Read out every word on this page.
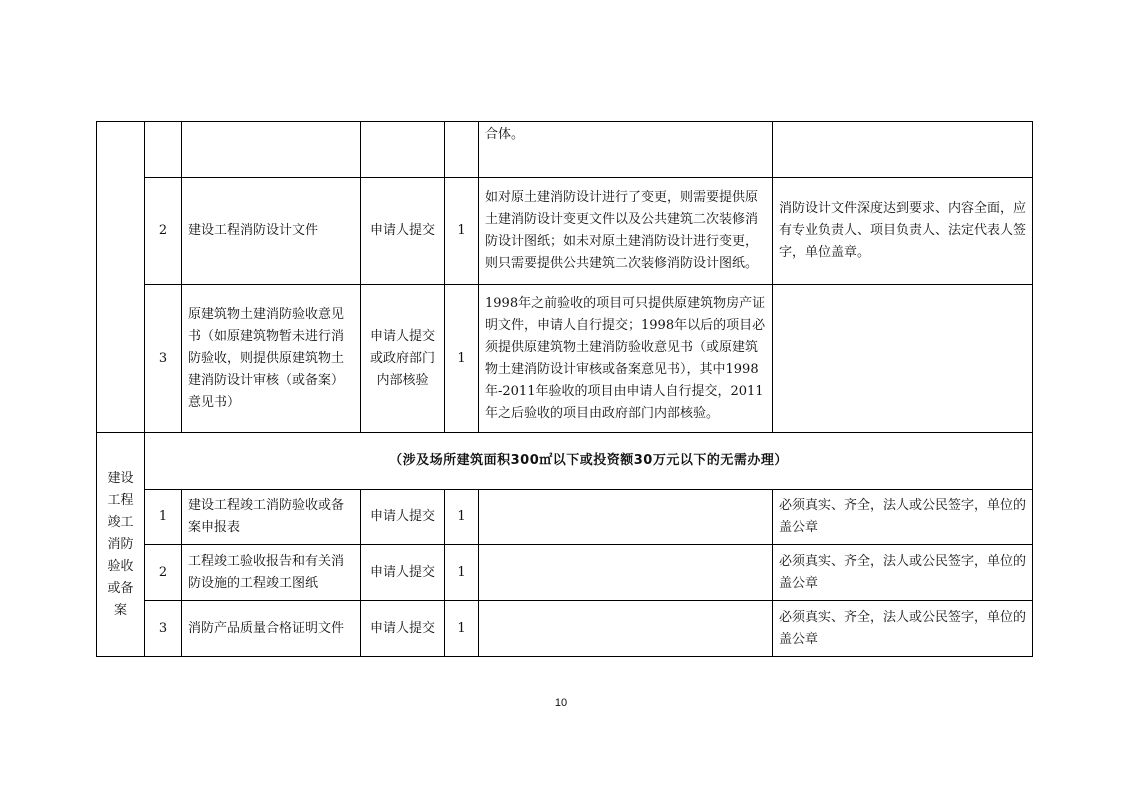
					合体。	
	2	建设工程消防设计文件	申请人提交	1	如对原土建消防设计进行了变更，则需要提供原土建消防设计变更文件以及公共建筑二次装修消防设计图纸；如未对原土建消防设计进行变更，则只需要提供公共建筑二次装修消防设计图纸。	消防设计文件深度达到要求、内容全面，应有专业负责人、项目负责人、法定代表人签字，单位盖章。
	3	原建筑物土建消防验收意见书（如原建筑物暂未进行消防验收，则提供原建筑物土建消防设计审核（或备案）意见书）	申请人提交或政府部门内部核验	1	1998年之前验收的项目可只提供原建筑物房产证明文件，申请人自行提交；1998年以后的项目必须提供原建筑物土建消防验收意见书（或原建筑物土建消防设计审核或备案意见书），其中1998年-2011年验收的项目由申请人自行提交，2011年之后验收的项目由政府部门内部核验。	
建设工程竣工消防验收或备案	（涉及场所建筑面积300㎡以下或投资额30万元以下的无需办理）					
	1	建设工程竣工消防验收或备案申报表	申请人提交	1		必须真实、齐全，法人或公民签字，单位的盖公章
	2	工程竣工验收报告和有关消防设施的工程竣工图纸	申请人提交	1		必须真实、齐全，法人或公民签字，单位的盖公章
	3	消防产品质量合格证明文件	申请人提交	1		必须真实、齐全，法人或公民签字，单位的盖公章
10
